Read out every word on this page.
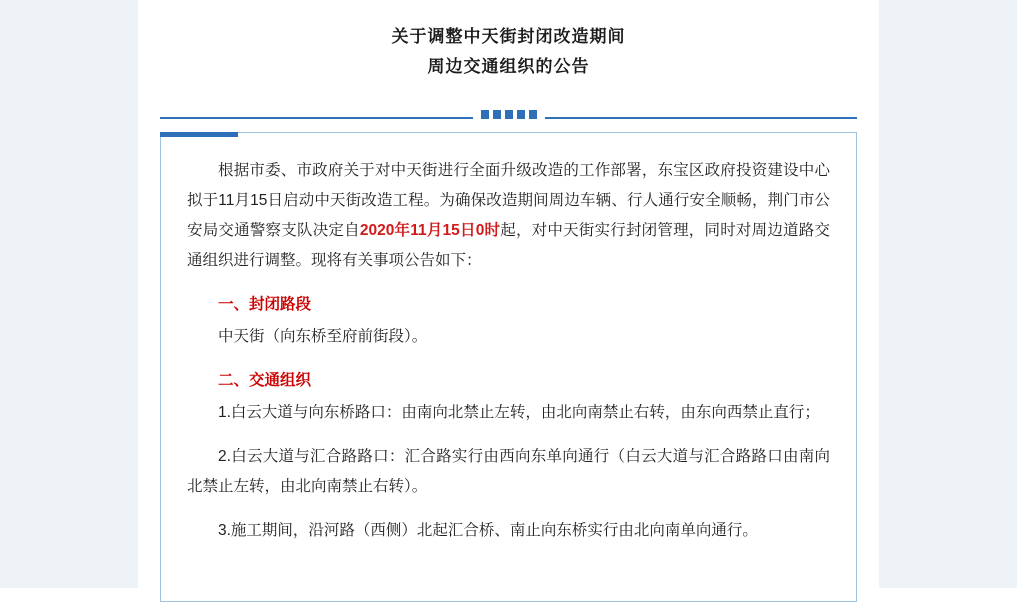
关于调整中天街封闭改造期间
周边交通组织的公告

根据市委、市政府关于对中天街进行全面升级改造的工作部署，东宝区政府投资建设中心拟于11月15日启动中天街改造工程。为确保改造期间周边车辆、行人通行安全顺畅，荆门市公安局交通警察支队决定自2020年11月15日0时起，对中天街实行封闭管理，同时对周边道路交通组织进行调整。现将有关事项公告如下：

一、封闭路段

中天街（向东桥至府前街段）。

二、交通组织

1.白云大道与向东桥路口：由南向北禁止左转，由北向南禁止右转，由东向西禁止直行；

2.白云大道与汇合路路口：汇合路实行由西向东单向通行（白云大道与汇合路路口由南向北禁止左转，由北向南禁止右转）。

3.施工期间，沿河路（西侧）北起汇合桥、南止向东桥实行由北向南单向通行。
